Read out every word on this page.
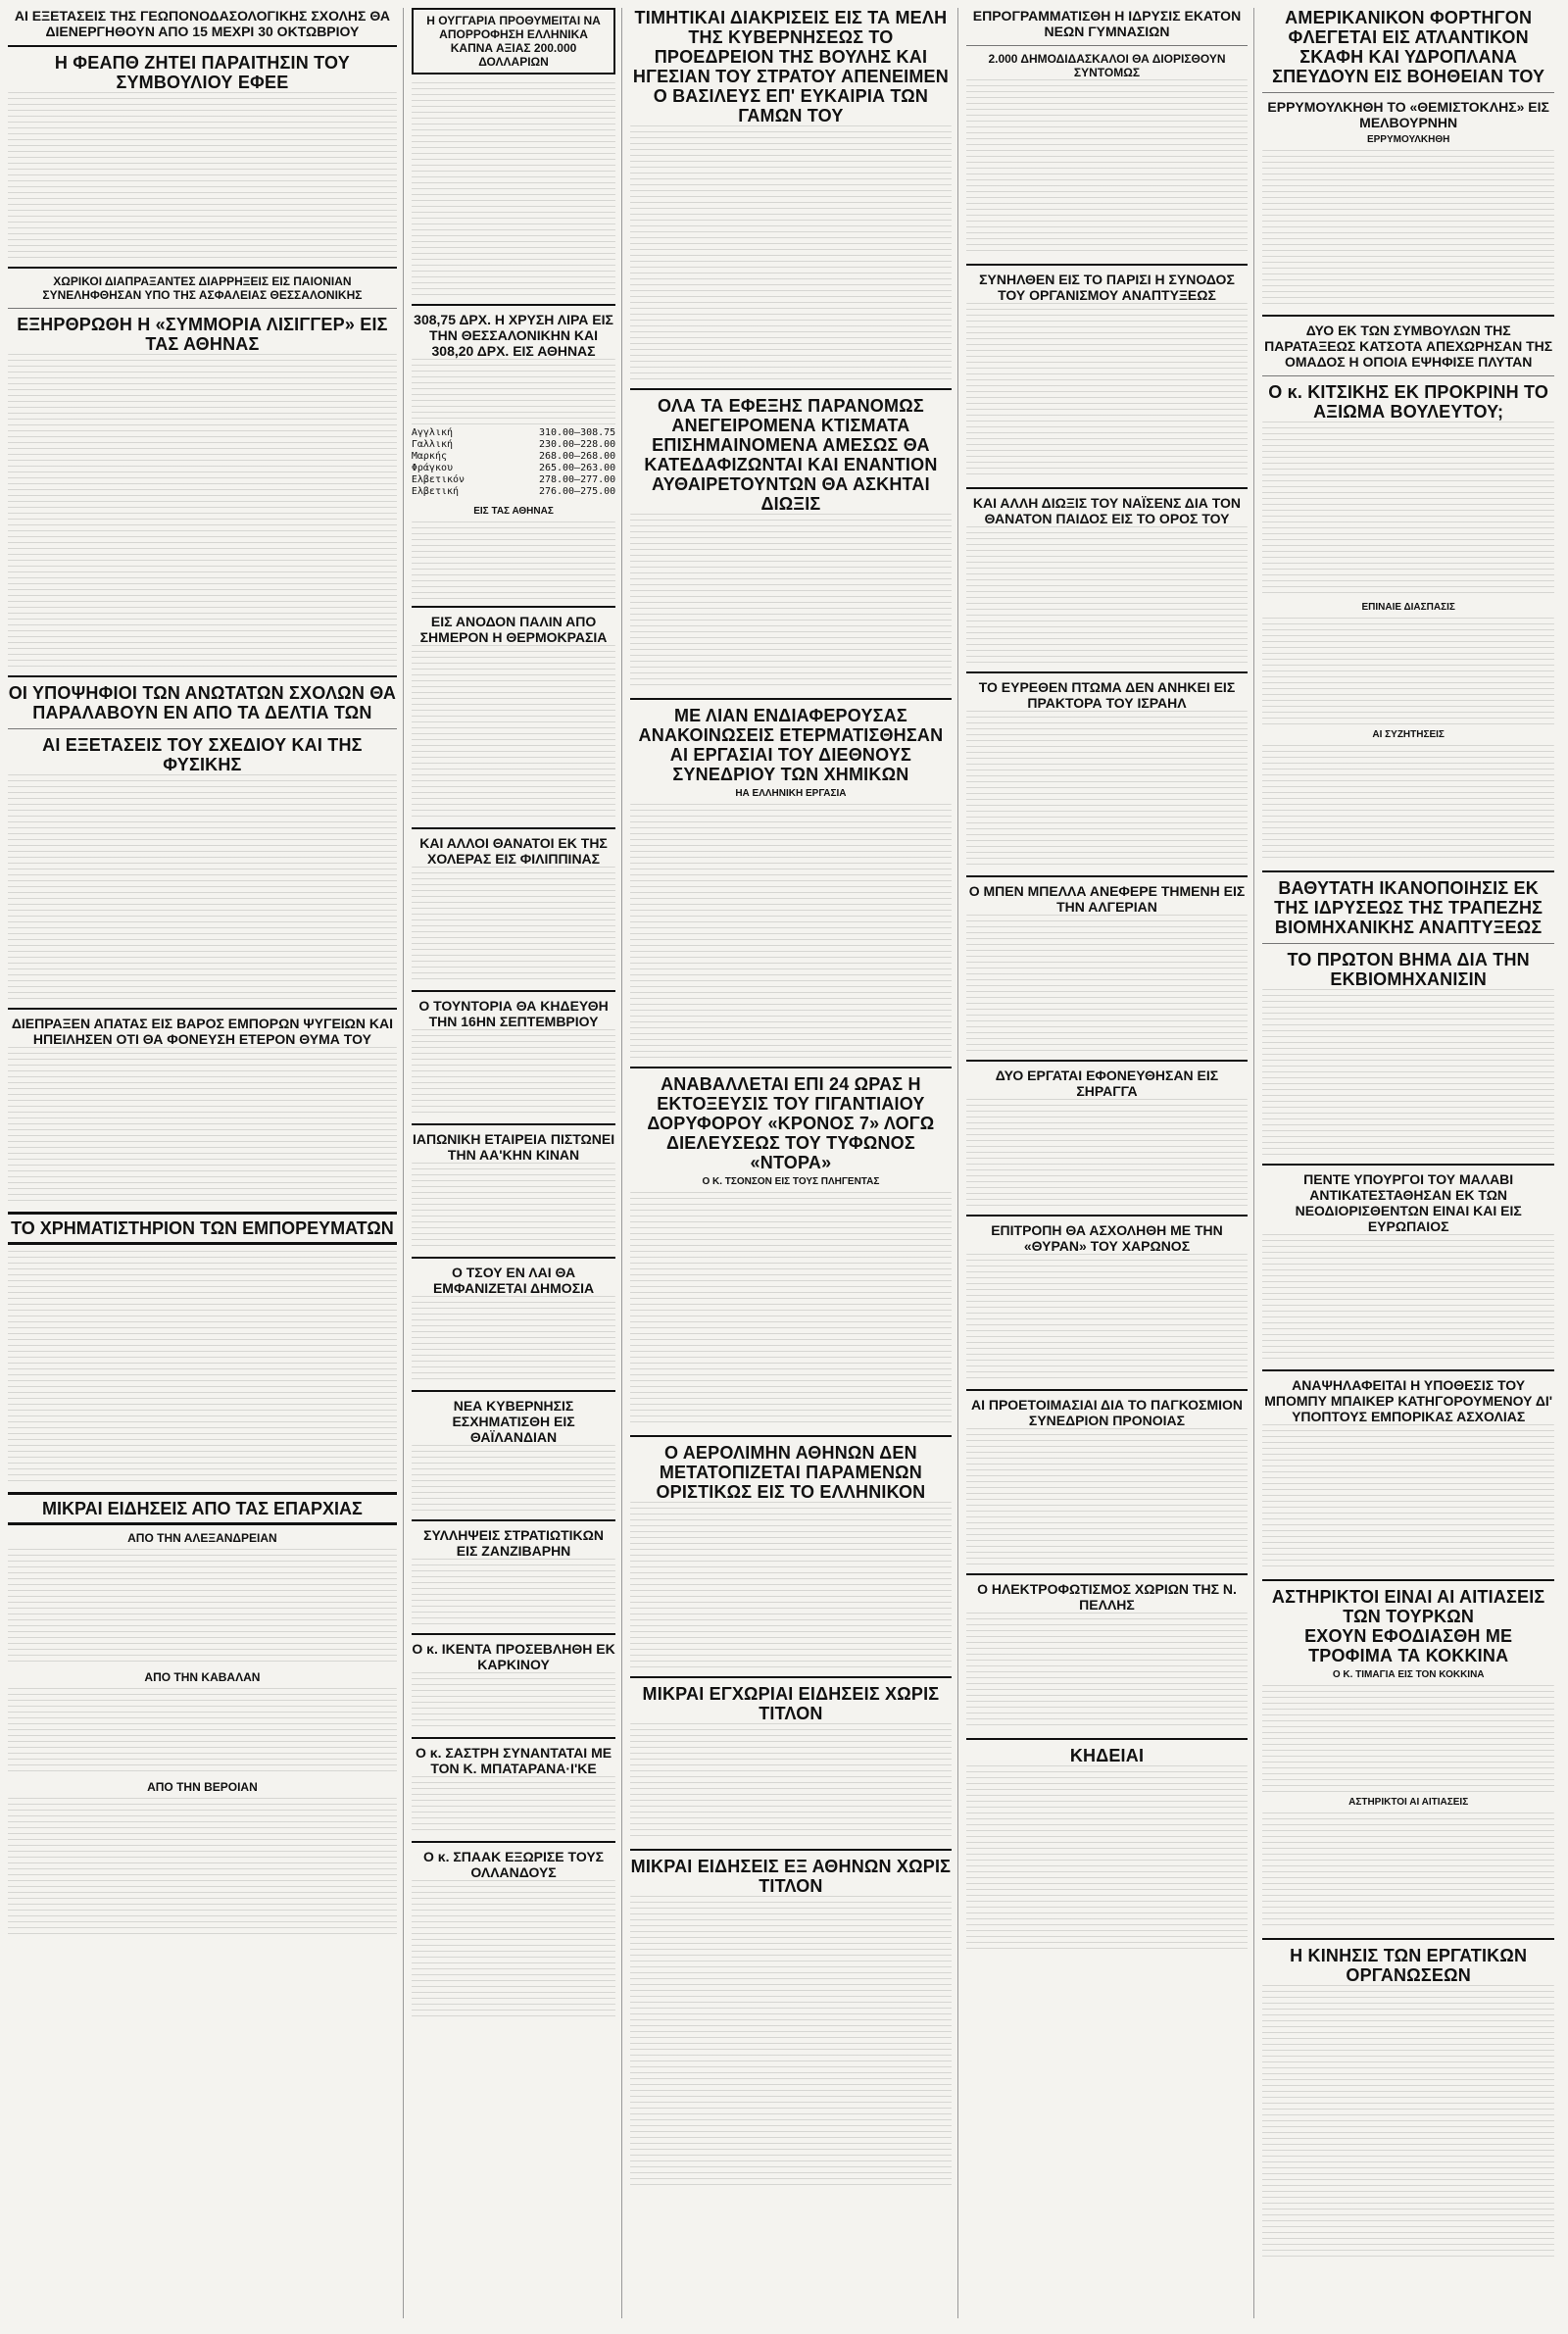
ΑΙ ΕΞΕΤΑΣΕΙΣ ΤΗΣ ΓΕΩΠΟΝΟΔΑΣΟΛΟΓΙΚΗΣ ΣΧΟΛΗΣ ΘΑ ΔΙΕΝΕΡΓΗΘΟΥΝ ΑΠΟ 15 ΜΕΧΡΙ 30 ΟΚΤΩΒΡΙΟΥ
Η ΦΕΑΠΘ ΖΗΤΕΙ ΠΑΡΑΙΤΗΣΙΝ ΤΟΥ ΣΥΜΒΟΥΛΙΟΥ ΕΦΕΕ
ΧΩΡΙΚΟΙ ΔΙΑΠΡΑΞΑΝΤΕΣ ΔΙΑΡΡΗΞΕΙΣ ΕΙΣ ΠΑΙΟΝΙΑΝ ΣΥΝΕΛΗΦΘΗΣΑΝ ΥΠΟ ΤΗΣ ΑΣΦΑΛΕΙΑΣ ΘΕΣΣΑΛΟΝΙΚΗΣ
ΕΞΗΡΘΡΩΘΗ Η «ΣΥΜΜΟΡΙΑ ΛΙΣΙΓΓΕΡ» ΕΙΣ ΤΑΣ ΑΘΗΝΑΣ
ΟΙ ΥΠΟΨΗΦΙΟΙ ΤΩΝ ΑΝΩΤΑΤΩΝ ΣΧΟΛΩΝ ΘΑ ΠΑΡΑΛΑΒΟΥΝ ΕΝ ΑΠΟ ΤΑ ΔΕΛΤΙΑ ΤΩΝ
ΑΙ ΕΞΕΤΑΣΕΙΣ ΤΟΥ ΣΧΕΔΙΟΥ ΚΑΙ ΤΗΣ ΦΥΣΙΚΗΣ
ΔΙΕΠΡΑΞΕΝ ΑΠΑΤΑΣ ΕΙΣ ΒΑΡΟΣ ΕΜΠΟΡΩΝ ΨΥΓΕΙΩΝ ΚΑΙ ΗΠΕΙΛΗΣΕΝ ΟΤΙ ΘΑ ΦΟΝΕΥΣΗ ΕΤΕΡΟΝ ΘΥΜΑ ΤΟΥ
ΤΟ ΧΡΗΜΑΤΙΣΤΗΡΙΟΝ ΤΩΝ ΕΜΠΟΡΕΥΜΑΤΩΝ
ΜΙΚΡΑΙ ΕΙΔΗΣΕΙΣ ΑΠΟ ΤΑΣ ΕΠΑΡΧΙΑΣ
ΑΠΟ ΤΗΝ ΑΛΕΞΑΝΔΡΕΙΑΝ
ΑΠΟ ΤΗΝ ΚΑΒΑΛΑΝ
ΑΠΟ ΤΗΝ ΒΕΡΟΙΑΝ
Η ΟΥΓΓΑΡΙΑ ΠΡΟΘΥΜΕΙΤΑΙ ΝΑ ΑΠΟΡΡΟΦΗΣΗ ΕΛΛΗΝΙΚΑ ΚΑΠΝΑ ΑΞΙΑΣ 200.000 ΔΟΛΛΑΡΙΩΝ
308,75 ΔΡΧ. Η ΧΡΥΣΗ ΛΙΡΑ ΕΙΣ ΤΗΝ ΘΕΣΣΑΛΟΝΙΚΗΝ ΚΑΙ 308,20 ΔΡΧ. ΕΙΣ ΑΘΗΝΑΣ
Αγγλική	310.00—308.75
Γαλλική	230.00—228.00
Μαρκής	268.00—268.00
Φράγκου	265.00—263.00
Ελβετικόν	278.00—277.00
Ελβετική	276.00—275.00
ΕΙΣ ΤΑΣ ΑΘΗΝΑΣ
ΕΙΣ ΑΝΟΔΟΝ ΠΑΛΙΝ ΑΠΟ ΣΗΜΕΡΟΝ Η ΘΕΡΜΟΚΡΑΣΙΑ
ΚΑΙ ΑΛΛΟΙ ΘΑΝΑΤΟΙ ΕΚ ΤΗΣ ΧΟΛΕΡΑΣ ΕΙΣ ΦΙΛΙΠΠΙΝΑΣ
Ο ΤΟΥΝΤΟΡΙΑ ΘΑ ΚΗΔΕΥΘΗ ΤΗΝ 16ΗΝ ΣΕΠΤΕΜΒΡΙΟΥ
ΙΑΠΩΝΙΚΗ ΕΤΑΙΡΕΙΑ ΠΙΣΤΩΝΕΙ ΤΗΝ ΑΑ'ΚΗΝ ΚΙΝΑΝ
Ο ΤΣΟΥ ΕΝ ΛΑΙ ΘΑ ΕΜΦΑΝΙΖΕΤΑΙ ΔΗΜΟΣΙΑ
ΝΕΑ ΚΥΒΕΡΝΗΣΙΣ ΕΣΧΗΜΑΤΙΣΘΗ ΕΙΣ ΘΑΪΛΑΝΔΙΑΝ
ΣΥΛΛΗΨΕΙΣ ΣΤΡΑΤΙΩΤΙΚΩΝ ΕΙΣ ΖΑΝΖΙΒΑΡΗΝ
Ο κ. ΙΚΕΝΤΑ ΠΡΟΣΕΒΛΗΘΗ ΕΚ ΚΑΡΚΙΝΟΥ
Ο κ. ΣΑΣΤΡΗ ΣΥΝΑΝΤΑΤΑΙ ΜΕ ΤΟΝ Κ. ΜΠΑΤΑΡΑΝΑ·Ι'ΚΕ
Ο κ. ΣΠΑΑΚ ΕΞΩΡΙΣΕ ΤΟΥΣ ΟΛΛΑΝΔΟΥΣ
ΤΙΜΗΤΙΚΑΙ ΔΙΑΚΡΙΣΕΙΣ ΕΙΣ ΤΑ ΜΕΛΗ ΤΗΣ ΚΥΒΕΡΝΗΣΕΩΣ ΤΟ ΠΡΟΕΔΡΕΙΟΝ ΤΗΣ ΒΟΥΛΗΣ ΚΑΙ ΗΓΕΣΙΑΝ ΤΟΥ ΣΤΡΑΤΟΥ ΑΠΕΝΕΙΜΕΝ Ο ΒΑΣΙΛΕΥΣ ΕΠ' ΕΥΚΑΙΡΙΑ ΤΩΝ ΓΑΜΩΝ ΤΟΥ
ΟΛΑ ΤΑ ΕΦΕΞΗΣ ΠΑΡΑΝΟΜΩΣ ΑΝΕΓΕΙΡΟΜΕΝΑ ΚΤΙΣΜΑΤΑ ΕΠΙΣΗΜΑΙΝΟΜΕΝΑ ΑΜΕΣΩΣ ΘΑ ΚΑΤΕΔΑΦΙΖΩΝΤΑΙ ΚΑΙ ΕΝΑΝΤΙΟΝ ΑΥΘΑΙΡΕΤΟΥΝΤΩΝ ΘΑ ΑΣΚΗΤΑΙ ΔΙΩΞΙΣ
ΜΕ ΛΙΑΝ ΕΝΔΙΑΦΕΡΟΥΣΑΣ ΑΝΑΚΟΙΝΩΣΕΙΣ ΕΤΕΡΜΑΤΙΣΘΗΣΑΝ ΑΙ ΕΡΓΑΣΙΑΙ ΤΟΥ ΔΙΕΘΝΟΥΣ ΣΥΝΕΔΡΙΟΥ ΤΩΝ ΧΗΜΙΚΩΝ
ΗΑ ΕΛΛΗΝΙΚΗ ΕΡΓΑΣΙΑ
ΑΝΑΒΑΛΛΕΤΑΙ ΕΠΙ 24 ΩΡΑΣ Η ΕΚΤΟΞΕΥΣΙΣ ΤΟΥ ΓΙΓΑΝΤΙΑΙΟΥ ΔΟΡΥΦΟΡΟΥ «ΚΡΟΝΟΣ 7» ΛΟΓΩ ΔΙΕΛΕΥΣΕΩΣ ΤΟΥ ΤΥΦΩΝΟΣ «ΝΤΟΡΑ»
Ο Κ. ΤΣΟΝΣΟΝ ΕΙΣ ΤΟΥΣ ΠΛΗΓΕΝΤΑΣ
Ο ΑΕΡΟΛΙΜΗΝ ΑΘΗΝΩΝ ΔΕΝ ΜΕΤΑΤΟΠΙΖΕΤΑΙ ΠΑΡΑΜΕΝΩΝ ΟΡΙΣΤΙΚΩΣ ΕΙΣ ΤΟ ΕΛΛΗΝΙΚΟΝ
ΜΙΚΡΑΙ ΕΓΧΩΡΙΑΙ ΕΙΔΗΣΕΙΣ ΧΩΡΙΣ ΤΙΤΛΟΝ
ΜΙΚΡΑΙ ΕΙΔΗΣΕΙΣ ΕΞ ΑΘΗΝΩΝ ΧΩΡΙΣ ΤΙΤΛΟΝ
ΕΠΡΟΓΡΑΜΜΑΤΙΣΘΗ Η ΙΔΡΥΣΙΣ ΕΚΑΤΟΝ ΝΕΩΝ ΓΥΜΝΑΣΙΩΝ
2.000 ΔΗΜΟΔΙΔΑΣΚΑΛΟΙ ΘΑ ΔΙΟΡΙΣΘΟΥΝ ΣΥΝΤΟΜΩΣ
ΣΥΝΗΛΘΕΝ ΕΙΣ ΤΟ ΠΑΡΙΣΙ Η ΣΥΝΟΔΟΣ ΤΟΥ ΟΡΓΑΝΙΣΜΟΥ ΑΝΑΠΤΥΞΕΩΣ
ΚΑΙ ΑΛΛΗ ΔΙΩΞΙΣ ΤΟΥ ΝΑΪΣΕΝΣ ΔΙΑ ΤΟΝ ΘΑΝΑΤΟΝ ΠΑΙΔΟΣ ΕΙΣ ΤΟ ΟΡΟΣ ΤΟΥ
ΤΟ ΕΥΡΕΘΕΝ ΠΤΩΜΑ ΔΕΝ ΑΝΗΚΕΙ ΕΙΣ ΠΡΑΚΤΟΡΑ ΤΟΥ ΙΣΡΑΗΛ
Ο ΜΠΕΝ ΜΠΕΛΛΑ ΑΝΕΦΕΡΕ ΤΗΜΕΝΗ ΕΙΣ ΤΗΝ ΑΛΓΕΡΙΑΝ
ΔΥΟ ΕΡΓΑΤΑΙ ΕΦΟΝΕΥΘΗΣΑΝ ΕΙΣ ΣΗΡΑΓΓΑ
ΕΠΙΤΡΟΠΗ ΘΑ ΑΣΧΟΛΗΘΗ ΜΕ ΤΗΝ «ΘΥΡΑΝ» ΤΟΥ ΧΑΡΩΝΟΣ
ΑΙ ΠΡΟΕΤΟΙΜΑΣΙΑΙ ΔΙΑ ΤΟ ΠΑΓΚΟΣΜΙΟΝ ΣΥΝΕΔΡΙΟΝ ΠΡΟΝΟΙΑΣ
Ο ΗΛΕΚΤΡΟΦΩΤΙΣΜΟΣ ΧΩΡΙΩΝ ΤΗΣ Ν. ΠΕΛΛΗΣ
ΚΗΔΕΙΑΙ
ΑΜΕΡΙΚΑΝΙΚΟΝ ΦΟΡΤΗΓΟΝ ΦΛΕΓΕΤΑΙ ΕΙΣ ΑΤΛΑΝΤΙΚΟΝ ΣΚΑΦΗ ΚΑΙ ΥΔΡΟΠΛΑΝΑ ΣΠΕΥΔΟΥΝ ΕΙΣ ΒΟΗΘΕΙΑΝ ΤΟΥ
ΕΡΡΥΜΟΥΛΚΗΘΗ ΤΟ «ΘΕΜΙΣΤΟΚΛΗΣ» ΕΙΣ ΜΕΛΒΟΥΡΝΗΝ
ΕΡΡΥΜΟΥΛΚΗΘΗ
ΔΥΟ ΕΚ ΤΩΝ ΣΥΜΒΟΥΛΩΝ ΤΗΣ ΠΑΡΑΤΑΞΕΩΣ ΚΑΤΣΟΤΑ ΑΠΕΧΩΡΗΣΑΝ ΤΗΣ ΟΜΑΔΟΣ Η ΟΠΟΙΑ ΕΨΗΦΙΣΕ ΠΛΥΤΑΝ
Ο κ. ΚΙΤΣΙΚΗΣ ΕΚ ΠΡΟΚΡΙΝΗ ΤΟ ΑΞΙΩΜΑ ΒΟΥΛΕΥΤΟΥ;
ΕΠΙΝΑΙΕ ΔΙΑΣΠΑΣΙΣ
ΑΙ ΣΥΖΗΤΗΣΕΙΣ
ΒΑΘΥΤΑΤΗ ΙΚΑΝΟΠΟΙΗΣΙΣ ΕΚ ΤΗΣ ΙΔΡΥΣΕΩΣ ΤΗΣ ΤΡΑΠΕΖΗΣ ΒΙΟΜΗΧΑΝΙΚΗΣ ΑΝΑΠΤΥΞΕΩΣ
ΤΟ ΠΡΩΤΟΝ ΒΗΜΑ ΔΙΑ ΤΗΝ ΕΚΒΙΟΜΗΧΑΝΙΣΙΝ
ΠΕΝΤΕ ΥΠΟΥΡΓΟΙ ΤΟΥ ΜΑΛΑΒΙ ΑΝΤΙΚΑΤΕΣΤΑΘΗΣΑΝ ΕΚ ΤΩΝ ΝΕΟΔΙΟΡΙΣΘΕΝΤΩΝ ΕΙΝΑΙ ΚΑΙ ΕΙΣ ΕΥΡΩΠΑΙΟΣ
ΑΝΑΨΗΛΑΦΕΙΤΑΙ Η ΥΠΟΘΕΣΙΣ ΤΟΥ ΜΠΟΜΠΥ ΜΠΑΙΚΕΡ ΚΑΤΗΓΟΡΟΥΜΕΝΟΥ ΔΙ' ΥΠΟΠΤΟΥΣ ΕΜΠΟΡΙΚΑΣ ΑΣΧΟΛΙΑΣ
ΑΣΤΗΡΙΚΤΟΙ ΕΙΝΑΙ ΑΙ ΑΙΤΙΑΣΕΙΣ ΤΩΝ ΤΟΥΡΚΩΝ
ΕΧΟΥΝ ΕΦΟΔΙΑΣΘΗ ΜΕ ΤΡΟΦΙΜΑ ΤΑ ΚΟΚΚΙΝΑ
Ο Κ. ΤΙΜΑΓΙΑ ΕΙΣ ΤΟΝ ΚΟΚΚΙΝΑ
ΑΣΤΗΡΙΚΤΟΙ ΑΙ ΑΙΤΙΑΣΕΙΣ
Η ΚΙΝΗΣΙΣ ΤΩΝ ΕΡΓΑΤΙΚΩΝ ΟΡΓΑΝΩΣΕΩΝ
